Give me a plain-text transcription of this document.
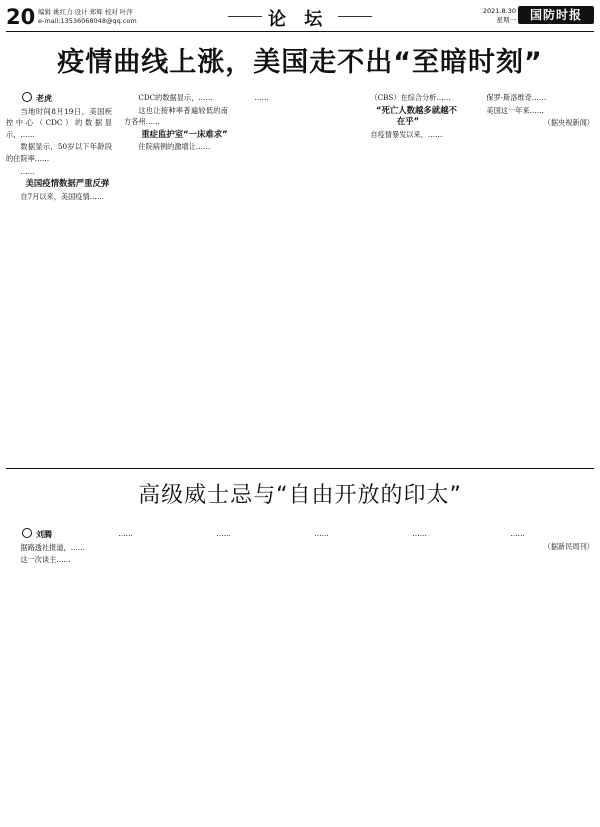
20 编辑 姚红力 设计 郑辉 校对 叶萍
e-mail:13536068048@qq.com	论 坛	2021.8.30
星期一	国防时报
疫情曲线上涨，美国走不出“至暗时刻”

老虎

当地时间8月19日，美国疾控中心（CDC）的数据显示，……

数据显示，50岁以下年龄段的住院率……

……

美国疫情数据严重反弹

自7月以来，美国疫情……

CDC的数据显示，……

这也让接种率普遍较低的南方各州……

重症监护室“一床难求”

住院病例的激增让……

……	（CBS）在综合分析……

“死亡人数越多就越不在乎”

自疫情暴发以来，……

保罗·斯洛维奇……

美国这一年来……

（据央视新闻）

高级威士忌与“自由开放的印太”

刘腾

据路透社报道，……

这一次谈主……

……	……	……	……	……

（据新民周刊）
